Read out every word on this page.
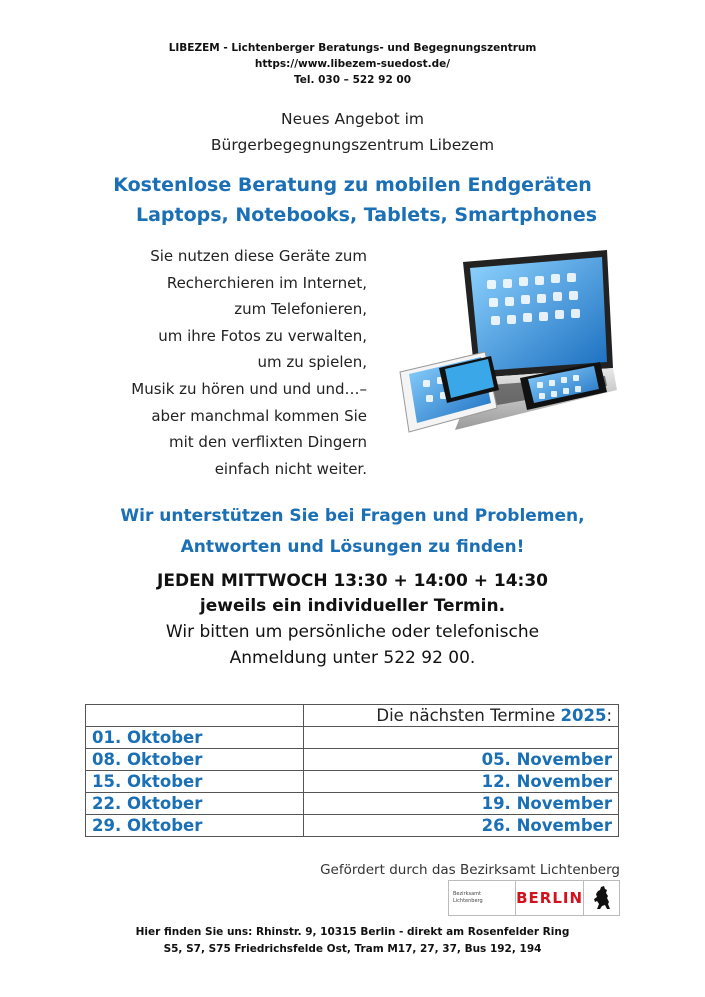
LIBEZEM - Lichtenberger Beratungs- und Begegnungszentrum
https://www.libezem-suedost.de/
Tel. 030 – 522 92 00
Neues Angebot im
Bürgerbegegnungszentrum Libezem
Kostenlose Beratung zu mobilen Endgeräten
Laptops, Notebooks, Tablets, Smartphones
Sie nutzen diese Geräte zum
Recherchieren im Internet,
zum Telefonieren,
um ihre Fotos zu verwalten,
um zu spielen,
Musik zu hören und und und…–
aber manchmal kommen Sie
mit den verflixten Dingern
einfach nicht weiter.
Wir unterstützen Sie bei Fragen und Problemen,
Antworten und Lösungen zu finden!
JEDEN MITTWOCH 13:30 + 14:00 + 14:30
jeweils ein individueller Termin.
Wir bitten um persönliche oder telefonische
Anmeldung unter 522 92 00.
	Die nächsten Termine 2025:
01. Oktober	
08. Oktober	05. November
15. Oktober	12. November
22. Oktober	19. November
29. Oktober	26. November
Gefördert durch das Bezirksamt Lichtenberg
Bezirksamt
Lichtenberg	BERLIN
Hier finden Sie uns: Rhinstr. 9, 10315 Berlin - direkt am Rosenfelder Ring
S5, S7, S75 Friedrichsfelde Ost, Tram M17, 27, 37, Bus 192, 194
